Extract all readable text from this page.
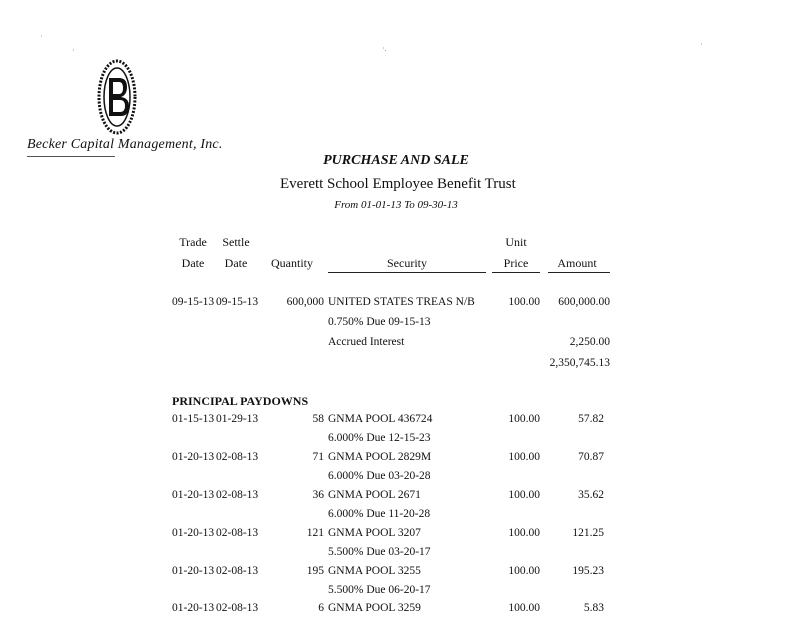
·
·	·.	·
Becker Capital Management, Inc.
PURCHASE AND SALE
Everett School Employee Benefit Trust
From 01-01-13 To 09-30-13
Trade
Date
Settle
Date	Quantity	Security
Unit
Price	Amount
09-15-13 09-15-13	600,000 UNITED STATES TREAS N/B	100.00	600,000.00
0.750% Due 09-15-13
Accrued Interest	2,250.00
2,350,745.13
PRINCIPAL PAYDOWNS
01-15-13 01-29-13	58 GNMA POOL 436724	100.00	57.82
6.000% Due 12-15-23
01-20-13 02-08-13	71 GNMA POOL 2829M	100.00	70.87
6.000% Due 03-20-28
01-20-13 02-08-13	36 GNMA POOL 2671	100.00	35.62
6.000% Due 11-20-28
01-20-13 02-08-13	121 GNMA POOL 3207	100.00	121.25
5.500% Due 03-20-17
01-20-13 02-08-13	195 GNMA POOL 3255	100.00	195.23
5.500% Due 06-20-17
01-20-13 02-08-13	6 GNMA POOL 3259	100.00	5.83
